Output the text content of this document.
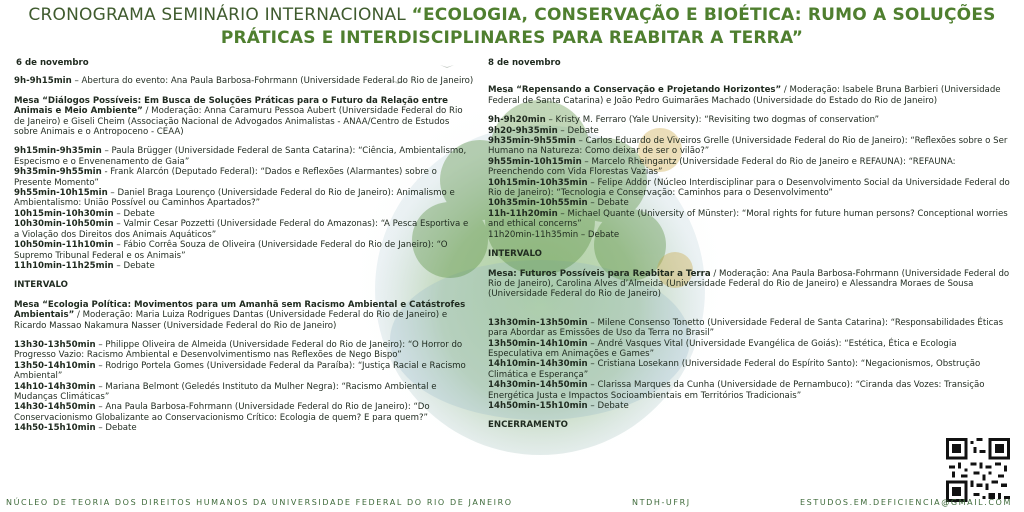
CRONOGRAMA SEMINÁRIO INTERNACIONAL “ECOLOGIA, CONSERVAÇÃO E BIOÉTICA: RUMO A SOLUÇÕES PRÁTICAS E INTERDISCIPLINARES PARA REABITAR A TERRA”
6 de novembro

9h-9h15min – Abertura do evento: Ana Paula Barbosa-Fohrmann (Universidade Federal do Rio de Janeiro)

Mesa “Diálogos Possíveis: Em Busca de Soluções Práticas para o Futuro da Relação entre Animais e Meio Ambiente” / Moderação: Anna Caramuru Pessoa Aubert (Universidade Federal do Rio de Janeiro) e Giseli Cheim (Associação Nacional de Advogados Animalistas - ANAA/Centro de Estudos sobre Animais e o Antropoceno - CEAA)

9h15min-9h35min – Paula Brügger (Universidade Federal de Santa Catarina): “Ciência, Ambientalismo, Especismo e o Envenenamento de Gaia”

9h35min-9h55min - Frank Alarcón (Deputado Federal): “Dados e Reflexões (Alarmantes) sobre o Presente Momento”

9h55min-10h15min – Daniel Braga Lourenço (Universidade Federal do Rio de Janeiro): Animalismo e Ambientalismo: União Possível ou Caminhos Apartados?”

10h15min-10h30min – Debate

10h30min-10h50min – Valmir Cesar Pozzetti (Universidade Federal do Amazonas): “A Pesca Esportiva e a Violação dos Direitos dos Animais Aquáticos”

10h50min-11h10min – Fábio Corrêa Souza de Oliveira (Universidade Federal do Rio de Janeiro): “O Supremo Tribunal Federal e os Animais”

11h10min-11h25min – Debate

INTERVALO

Mesa “Ecologia Política: Movimentos para um Amanhã sem Racismo Ambiental e Catástrofes Ambientais” / Moderação: Maria Luiza Rodrigues Dantas (Universidade Federal do Rio de Janeiro) e Ricardo Massao Nakamura Nasser (Universidade Federal do Rio de Janeiro)

13h30-13h50min – Philippe Oliveira de Almeida (Universidade Federal do Rio de Janeiro): “O Horror do Progresso Vazio: Racismo Ambiental e Desenvolvimentismo nas Reflexões de Nego Bispo”

13h50-14h10min – Rodrigo Portela Gomes (Universidade Federal da Paraíba): “Justiça Racial e Racismo Ambiental”

14h10-14h30min – Mariana Belmont (Geledés Instituto da Mulher Negra): “Racismo Ambiental e Mudanças Climáticas”

14h30-14h50min – Ana Paula Barbosa-Fohrmann (Universidade Federal do Rio de Janeiro): “Do Conservacionismo Globalizante ao Conservacionismo Crítico: Ecologia de quem? E para quem?”

14h50-15h10min – Debate

8 de novembro

Mesa “Repensando a Conservação e Projetando Horizontes” / Moderação: Isabele Bruna Barbieri (Universidade Federal de Santa Catarina) e João Pedro Guimarães Machado (Universidade do Estado do Rio de Janeiro)

9h-9h20min – Kristy M. Ferraro (Yale University): “Revisiting two dogmas of conservation”

9h20-9h35min – Debate

9h35min-9h55min – Carlos Eduardo de Viveiros Grelle (Universidade Federal do Rio de Janeiro): “Reflexões sobre o Ser Humano na Natureza: Como deixar de ser o vilão?”

9h55min-10h15min – Marcelo Rheingantz (Universidade Federal do Rio de Janeiro e REFAUNA): “REFAUNA: Preenchendo com Vida Florestas Vazias”

10h15min-10h35min – Felipe Addor (Núcleo Interdisciplinar para o Desenvolvimento Social da Universidade Federal do Rio de Janeiro): “Tecnologia e Conservação: Caminhos para o Desenvolvimento”

10h35min-10h55min – Debate

11h-11h20min – Michael Quante (University of Münster): “Moral rights for future human persons? Conceptional worries and ethical concerns”

11h20min-11h35min – Debate

INTERVALO

Mesa: Futuros Possíveis para Reabitar a Terra / Moderação: Ana Paula Barbosa-Fohrmann (Universidade Federal do Rio de Janeiro), Carolina Alves d’Almeida (Universidade Federal do Rio de Janeiro) e Alessandra Moraes de Sousa (Universidade Federal do Rio de Janeiro)

13h30min-13h50min – Milene Consenso Tonetto (Universidade Federal de Santa Catarina): “Responsabilidades Éticas para Abordar as Emissões de Uso da Terra no Brasil”

13h50min-14h10min – André Vasques Vital (Universidade Evangélica de Goiás): “Estética, Ética e Ecologia Especulativa em Animações e Games”

14h10min-14h30min – Cristiana Losekann (Universidade Federal do Espírito Santo): “Negacionismos, Obstrução Climática e Esperança”

14h30min-14h50min – Clarissa Marques da Cunha (Universidade de Pernambuco): “Ciranda das Vozes: Transição Energética Justa e Impactos Socioambientais em Territórios Tradicionais”

14h50min-15h10min – Debate

ENCERRAMENTO

NÚCLEO DE TEORIA DOS DIREITOS HUMANOS DA UNIVERSIDADE FEDERAL DO RIO DE JANEIRO	NTDH-UFRJ	ESTUDOS.EM.DEFICIENCIA@GMAIL.COM
